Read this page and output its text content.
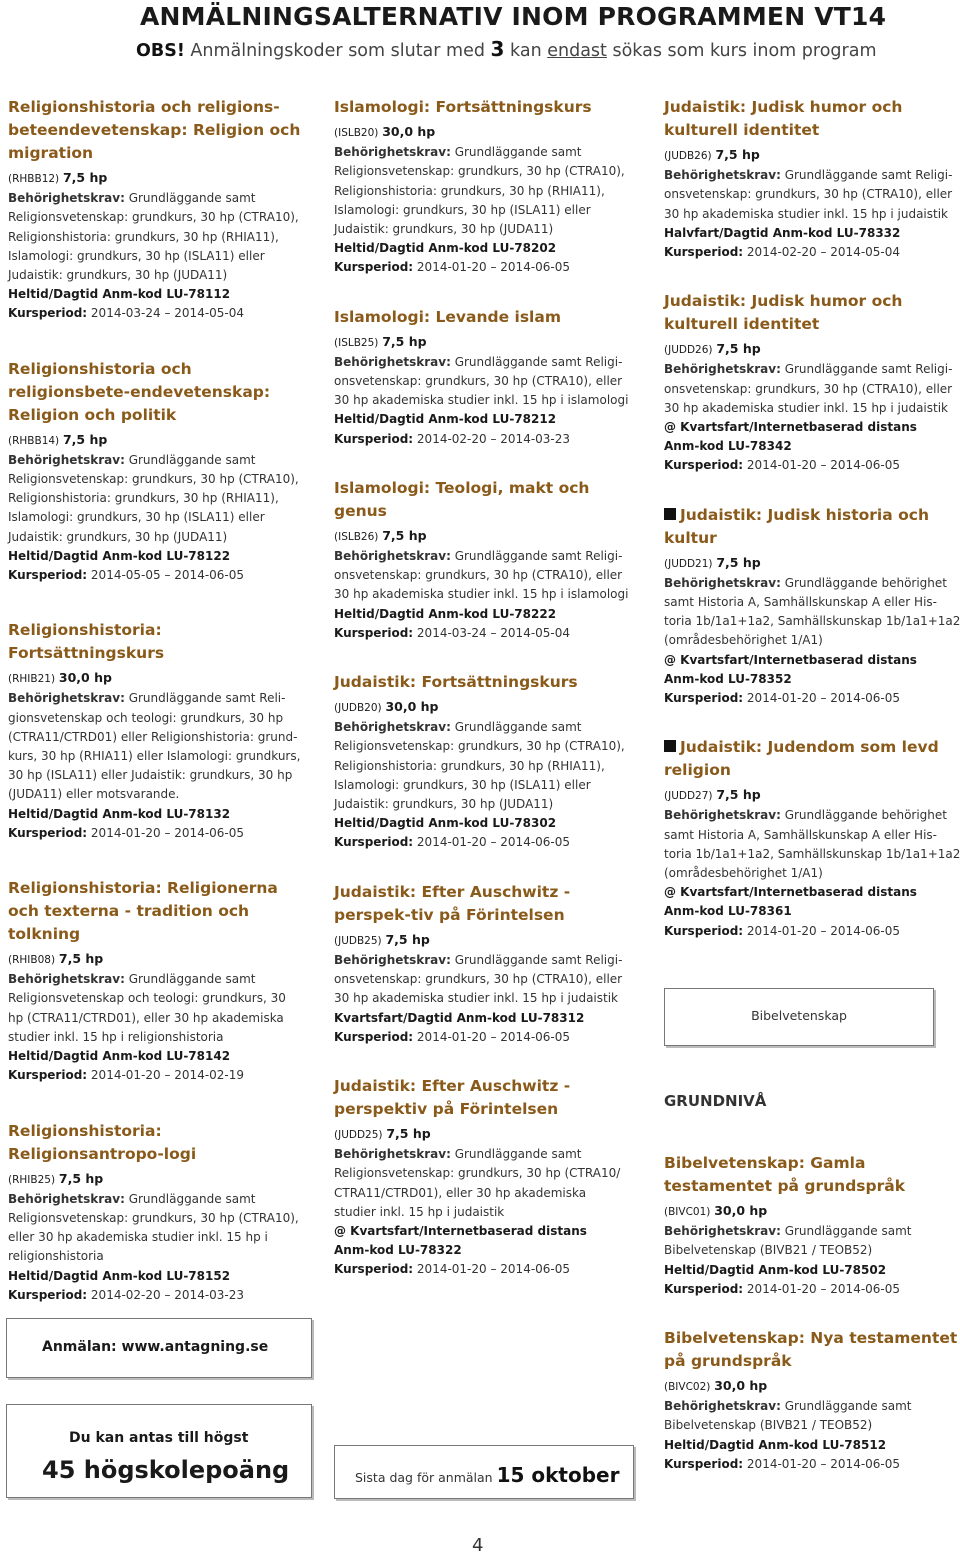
ANMÄLNINGSALTERNATIV INOM PROGRAMMEN VT14
OBS! Anmälningskoder som slutar med 3 kan endast sökas som kurs inom program
Religionshistoria och religions-beteendevetenskap: Religion och migration
(RHBB12) 7,5 hp
Behörighetskrav: Grundläggande samt
Religionsvetenskap: grundkurs, 30 hp (CTRA10),
Religionshistoria: grundkurs, 30 hp (RHIA11),
Islamologi: grundkurs, 30 hp (ISLA11) eller
Judaistik: grundkurs, 30 hp (JUDA11)
Heltid/Dagtid Anm-kod LU-78112
Kursperiod: 2014-03-24 – 2014-05-04
Religionshistoria och religionsbete-endevetenskap: Religion och politik
(RHBB14) 7,5 hp
Behörighetskrav: Grundläggande samt
Religionsvetenskap: grundkurs, 30 hp (CTRA10),
Religionshistoria: grundkurs, 30 hp (RHIA11),
Islamologi: grundkurs, 30 hp (ISLA11) eller
Judaistik: grundkurs, 30 hp (JUDA11)
Heltid/Dagtid Anm-kod LU-78122
Kursperiod: 2014-05-05 – 2014-06-05
Religionshistoria: Fortsättningskurs
(RHIB21) 30,0 hp
Behörighetskrav: Grundläggande samt Reli-
gionsvetenskap och teologi: grundkurs, 30 hp
(CTRA11/CTRD01) eller Religionshistoria: grund-
kurs, 30 hp (RHIA11) eller Islamologi: grundkurs,
30 hp (ISLA11) eller Judaistik: grundkurs, 30 hp
(JUDA11) eller motsvarande.
Heltid/Dagtid Anm-kod LU-78132
Kursperiod: 2014-01-20 – 2014-06-05
Religionshistoria: Religionerna och texterna - tradition och tolkning
(RHIB08) 7,5 hp
Behörighetskrav: Grundläggande samt
Religionsvetenskap och teologi: grundkurs, 30
hp (CTRA11/CTRD01), eller 30 hp akademiska
studier inkl. 15 hp i religionshistoria
Heltid/Dagtid Anm-kod LU-78142
Kursperiod: 2014-01-20 – 2014-02-19
Religionshistoria: Religionsantropo-logi
(RHIB25) 7,5 hp
Behörighetskrav: Grundläggande samt
Religionsvetenskap: grundkurs, 30 hp (CTRA10),
eller 30 hp akademiska studier inkl. 15 hp i
religionshistoria
Heltid/Dagtid Anm-kod LU-78152
Kursperiod: 2014-02-20 – 2014-03-23
Islamologi: Fortsättningskurs
(ISLB20) 30,0 hp
Behörighetskrav: Grundläggande samt
Religionsvetenskap: grundkurs, 30 hp (CTRA10),
Religionshistoria: grundkurs, 30 hp (RHIA11),
Islamologi: grundkurs, 30 hp (ISLA11) eller
Judaistik: grundkurs, 30 hp (JUDA11)
Heltid/Dagtid Anm-kod LU-78202
Kursperiod: 2014-01-20 – 2014-06-05
Islamologi: Levande islam
(ISLB25) 7,5 hp
Behörighetskrav: Grundläggande samt Religi-
onsvetenskap: grundkurs, 30 hp (CTRA10), eller
30 hp akademiska studier inkl. 15 hp i islamologi
Heltid/Dagtid Anm-kod LU-78212
Kursperiod: 2014-02-20 – 2014-03-23
Islamologi: Teologi, makt och genus
(ISLB26) 7,5 hp
Behörighetskrav: Grundläggande samt Religi-
onsvetenskap: grundkurs, 30 hp (CTRA10), eller
30 hp akademiska studier inkl. 15 hp i islamologi
Heltid/Dagtid Anm-kod LU-78222
Kursperiod: 2014-03-24 – 2014-05-04
Judaistik: Fortsättningskurs
(JUDB20) 30,0 hp
Behörighetskrav: Grundläggande samt
Religionsvetenskap: grundkurs, 30 hp (CTRA10),
Religionshistoria: grundkurs, 30 hp (RHIA11),
Islamologi: grundkurs, 30 hp (ISLA11) eller
Judaistik: grundkurs, 30 hp (JUDA11)
Heltid/Dagtid Anm-kod LU-78302
Kursperiod: 2014-01-20 – 2014-06-05
Judaistik: Efter Auschwitz - perspek-tiv på Förintelsen
(JUDB25) 7,5 hp
Behörighetskrav: Grundläggande samt Religi-
onsvetenskap: grundkurs, 30 hp (CTRA10), eller
30 hp akademiska studier inkl. 15 hp i judaistik
Kvartsfart/Dagtid Anm-kod LU-78312
Kursperiod: 2014-01-20 – 2014-06-05
Judaistik: Efter Auschwitz - perspektiv på Förintelsen
(JUDD25) 7,5 hp
Behörighetskrav: Grundläggande samt
Religionsvetenskap: grundkurs, 30 hp (CTRA10/
CTRA11/CTRD01), eller 30 hp akademiska
studier inkl. 15 hp i judaistik
@ Kvartsfart/Internetbaserad distans
Anm-kod LU-78322
Kursperiod: 2014-01-20 – 2014-06-05
Judaistik: Judisk humor och kulturell identitet
(JUDB26) 7,5 hp
Behörighetskrav: Grundläggande samt Religi-
onsvetenskap: grundkurs, 30 hp (CTRA10), eller
30 hp akademiska studier inkl. 15 hp i judaistik
Halvfart/Dagtid Anm-kod LU-78332
Kursperiod: 2014-02-20 – 2014-05-04
Judaistik: Judisk humor och kulturell identitet
(JUDD26) 7,5 hp
Behörighetskrav: Grundläggande samt Religi-
onsvetenskap: grundkurs, 30 hp (CTRA10), eller
30 hp akademiska studier inkl. 15 hp i judaistik
@ Kvartsfart/Internetbaserad distans
Anm-kod LU-78342
Kursperiod: 2014-01-20 – 2014-06-05
Judaistik: Judisk historia och kultur
(JUDD21) 7,5 hp
Behörighetskrav: Grundläggande behörighet
samt Historia A, Samhällskunskap A eller His-
toria 1b/1a1+1a2, Samhällskunskap 1b/1a1+1a2
(områdesbehörighet 1/A1)
@ Kvartsfart/Internetbaserad distans
Anm-kod LU-78352
Kursperiod: 2014-01-20 – 2014-06-05
Judaistik: Judendom som levd religion
(JUDD27) 7,5 hp
Behörighetskrav: Grundläggande behörighet
samt Historia A, Samhällskunskap A eller His-
toria 1b/1a1+1a2, Samhällskunskap 1b/1a1+1a2
(områdesbehörighet 1/A1)
@ Kvartsfart/Internetbaserad distans
Anm-kod LU-78361
Kursperiod: 2014-01-20 – 2014-06-05
Bibelvetenskap
GRUNDNIVÅ
Bibelvetenskap: Gamla testamentet på grundspråk
(BIVC01) 30,0 hp
Behörighetskrav: Grundläggande samt
Bibelvetenskap (BIVB21 / TEOB52)
Heltid/Dagtid Anm-kod LU-78502
Kursperiod: 2014-01-20 – 2014-06-05
Bibelvetenskap: Nya testamentet på grundspråk
(BIVC02) 30,0 hp
Behörighetskrav: Grundläggande samt
Bibelvetenskap (BIVB21 / TEOB52)
Heltid/Dagtid Anm-kod LU-78512
Kursperiod: 2014-01-20 – 2014-06-05
Anmälan: www.antagning.se
Du kan antas till högst
45 högskolepoäng	Sista dag för anmälan 15 oktober
4
